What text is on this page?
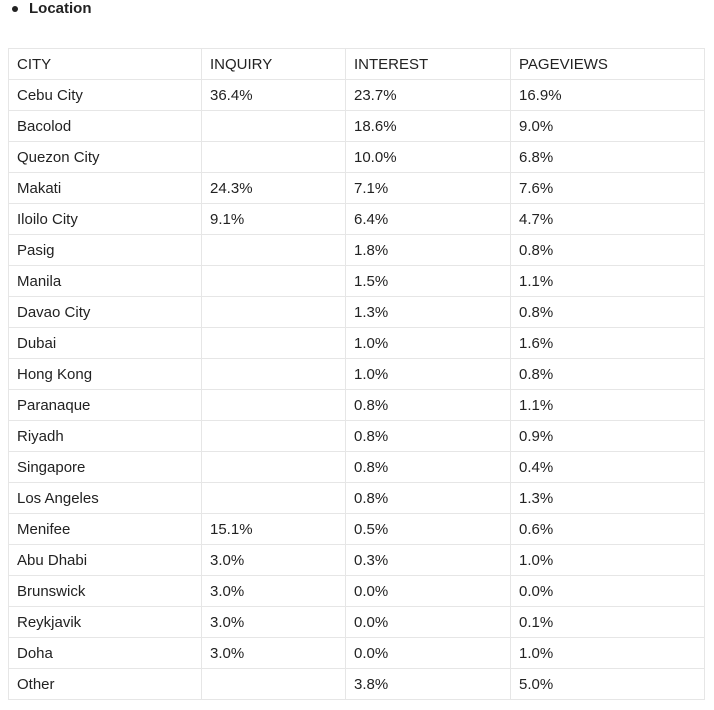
Location
CITY	INQUIRY	INTEREST	PAGEVIEWS
Cebu City	36.4%	23.7%	16.9%
Bacolod		18.6%	9.0%
Quezon City		10.0%	6.8%
Makati	24.3%	7.1%	7.6%
Iloilo City	9.1%	6.4%	4.7%
Pasig		1.8%	0.8%
Manila		1.5%	1.1%
Davao City		1.3%	0.8%
Dubai		1.0%	1.6%
Hong Kong		1.0%	0.8%
Paranaque		0.8%	1.1%
Riyadh		0.8%	0.9%
Singapore		0.8%	0.4%
Los Angeles		0.8%	1.3%
Menifee	15.1%	0.5%	0.6%
Abu Dhabi	3.0%	0.3%	1.0%
Brunswick	3.0%	0.0%	0.0%
Reykjavik	3.0%	0.0%	0.1%
Doha	3.0%	0.0%	1.0%
Other		3.8%	5.0%
